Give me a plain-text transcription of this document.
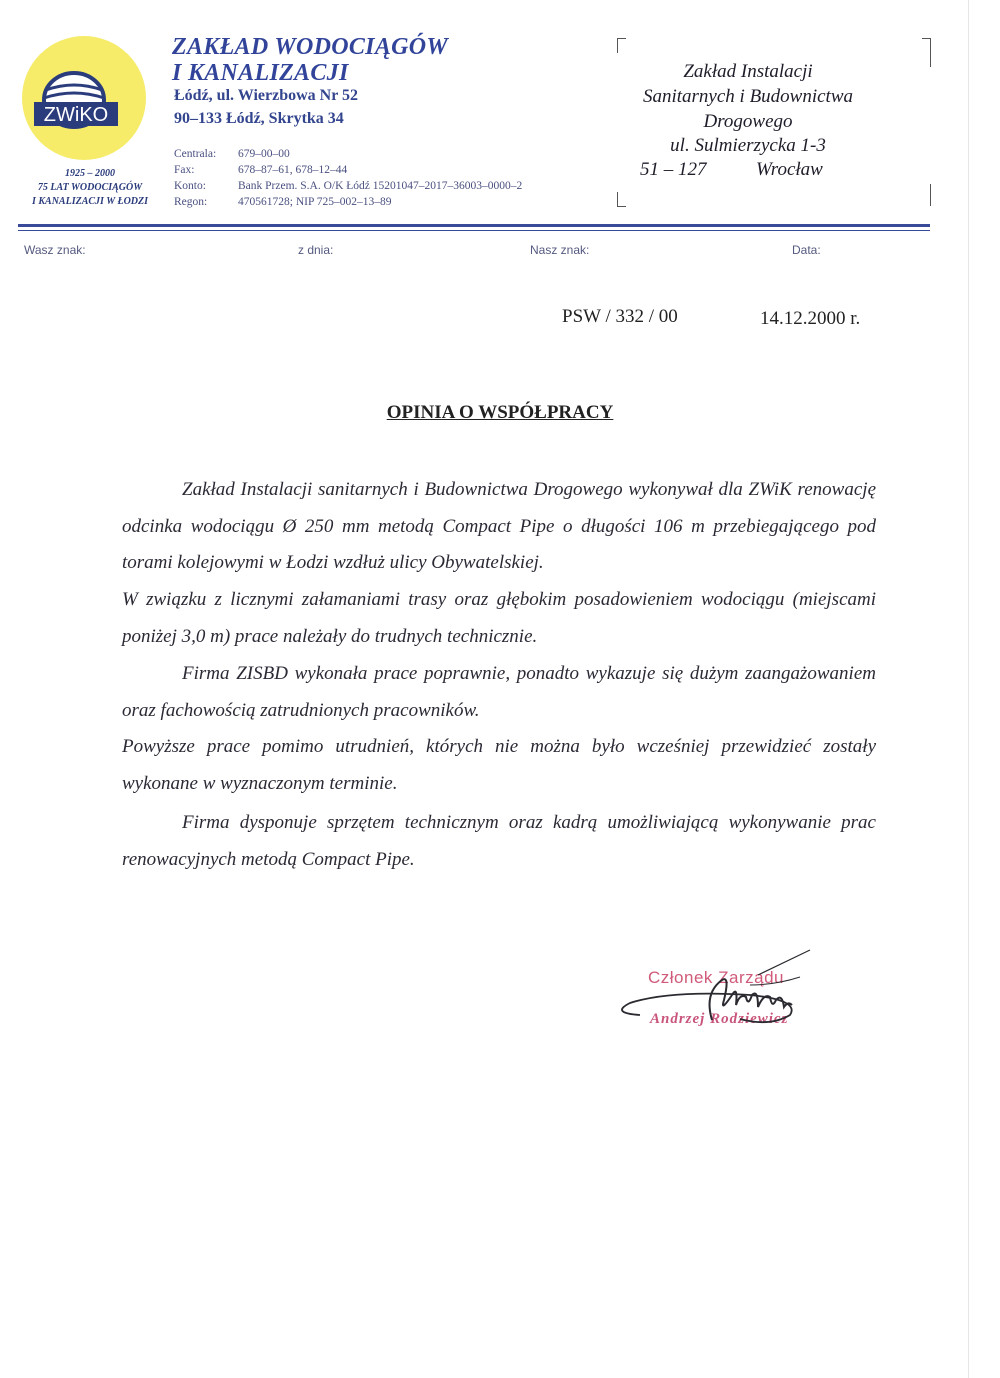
ZWiKO
1925 – 2000
75 LAT WODOCIĄGÓW
I KANALIZACJI W ŁODZI
ZAKŁAD WODOCIĄGÓW
I KANALIZACJI
Łódź, ul. Wierzbowa Nr 52
90–133 Łódź, Skrytka 34
Centrala: 679–00–00
Fax:	678–87–61, 678–12–44
Konto:	Bank Przem. S.A. O/K Łódź 15201047–2017–36003–0000–2
Regon:	470561728; NIP 725–002–13–89
Zakład Instalacji
Sanitarnych i Budownictwa
Drogowego
ul. Sulmierzycka 1-3
51 – 127	Wrocław
Wasz znak:	z dnia:	Nasz znak:	Data:
PSW / 332 / 00	14.12.2000 r.
OPINIA O WSPÓŁPRACY
Zakład Instalacji sanitarnych i Budownictwa Drogowego wykonywał dla ZWiK renowację odcinka wodociągu Ø 250 mm metodą Compact Pipe o długości 106 m przebiegającego pod torami kolejowymi w Łodzi wzdłuż ulicy Obywatelskiej.
W związku z licznymi załamaniami trasy oraz głębokim posadowieniem wodociągu (miejscami poniżej 3,0 m) prace należały do trudnych technicznie.
Firma ZISBD wykonała prace poprawnie, ponadto wykazuje się dużym zaangażowaniem oraz fachowością zatrudnionych pracowników.
Powyższe prace pomimo utrudnień, których nie można było wcześniej przewidzieć zostały wykonane w wyznaczonym terminie.
Firma dysponuje sprzętem technicznym oraz kadrą umożliwiającą wykonywanie prac renowacyjnych metodą Compact Pipe.
Członek Zarządu
Andrzej Rodziewicz
